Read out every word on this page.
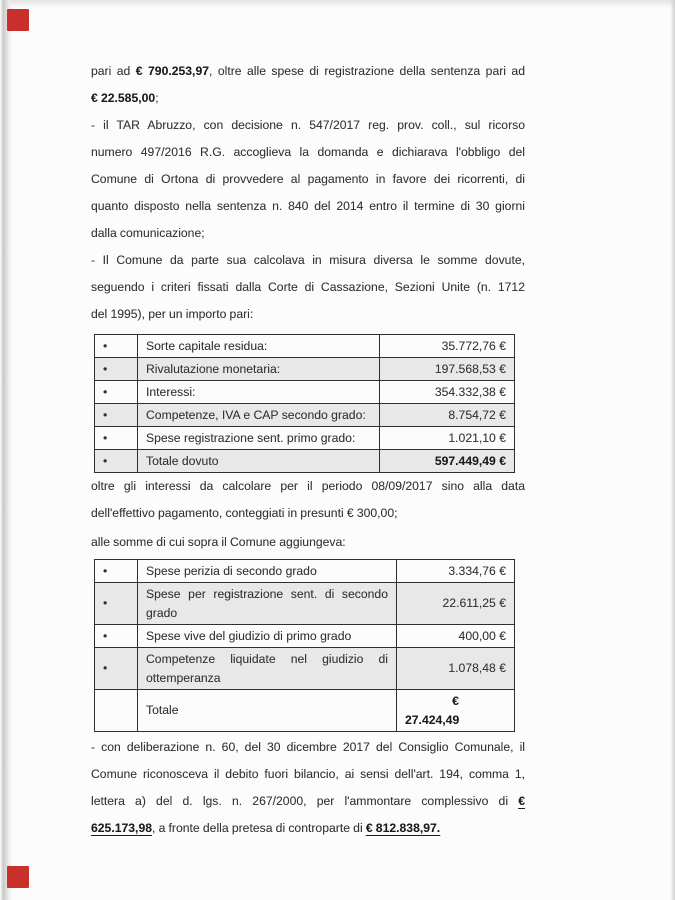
pari ad € 790.253,97, oltre alle spese di registrazione della sentenza pari ad
€ 22.585,00;
- il TAR Abruzzo, con decisione n. 547/2017 reg. prov. coll., sul ricorso
numero 497/2016 R.G. accoglieva la domanda e dichiarava l'obbligo del
Comune di Ortona di provvedere al pagamento in favore dei ricorrenti, di
quanto disposto nella sentenza n. 840 del 2014 entro il termine di 30 giorni
dalla comunicazione;
- Il Comune da parte sua calcolava in misura diversa le somme dovute,
seguendo i criteri fissati dalla Corte di Cassazione, Sezioni Unite (n. 1712
del 1995), per un importo pari:
•	Sorte capitale residua:	35.772,76 €

•	Rivalutazione monetaria:	197.568,53 €

•	Interessi:	354.332,38 €

•	Competenze, IVA e CAP secondo grado:	8.754,72 €

•	Spese registrazione sent. primo grado:	1.021,10 €

•	Totale dovuto	597.449,49 €
oltre gli interessi da calcolare per il periodo 08/09/2017 sino alla data
dell'effettivo pagamento, conteggiati in presunti € 300,00;
alle somme di cui sopra il Comune aggiungeva:
•	Spese perizia di secondo grado	3.334,76 €

•	Spese per registrazione sent. di secondo
grado	22.611,25 €

•	Spese vive del giudizio di primo grado	400,00 €

•	Competenze liquidate nel giudizio di
ottemperanza	1.078,48 €

	Totale	€
27.424,49
- con deliberazione n. 60, del 30 dicembre 2017 del Consiglio Comunale, il
Comune riconosceva il debito fuori bilancio, ai sensi dell'art. 194, comma 1,
lettera a) del d. lgs. n. 267/2000, per l'ammontare complessivo di €
625.173,98, a fronte della pretesa di controparte di € 812.838,97.
